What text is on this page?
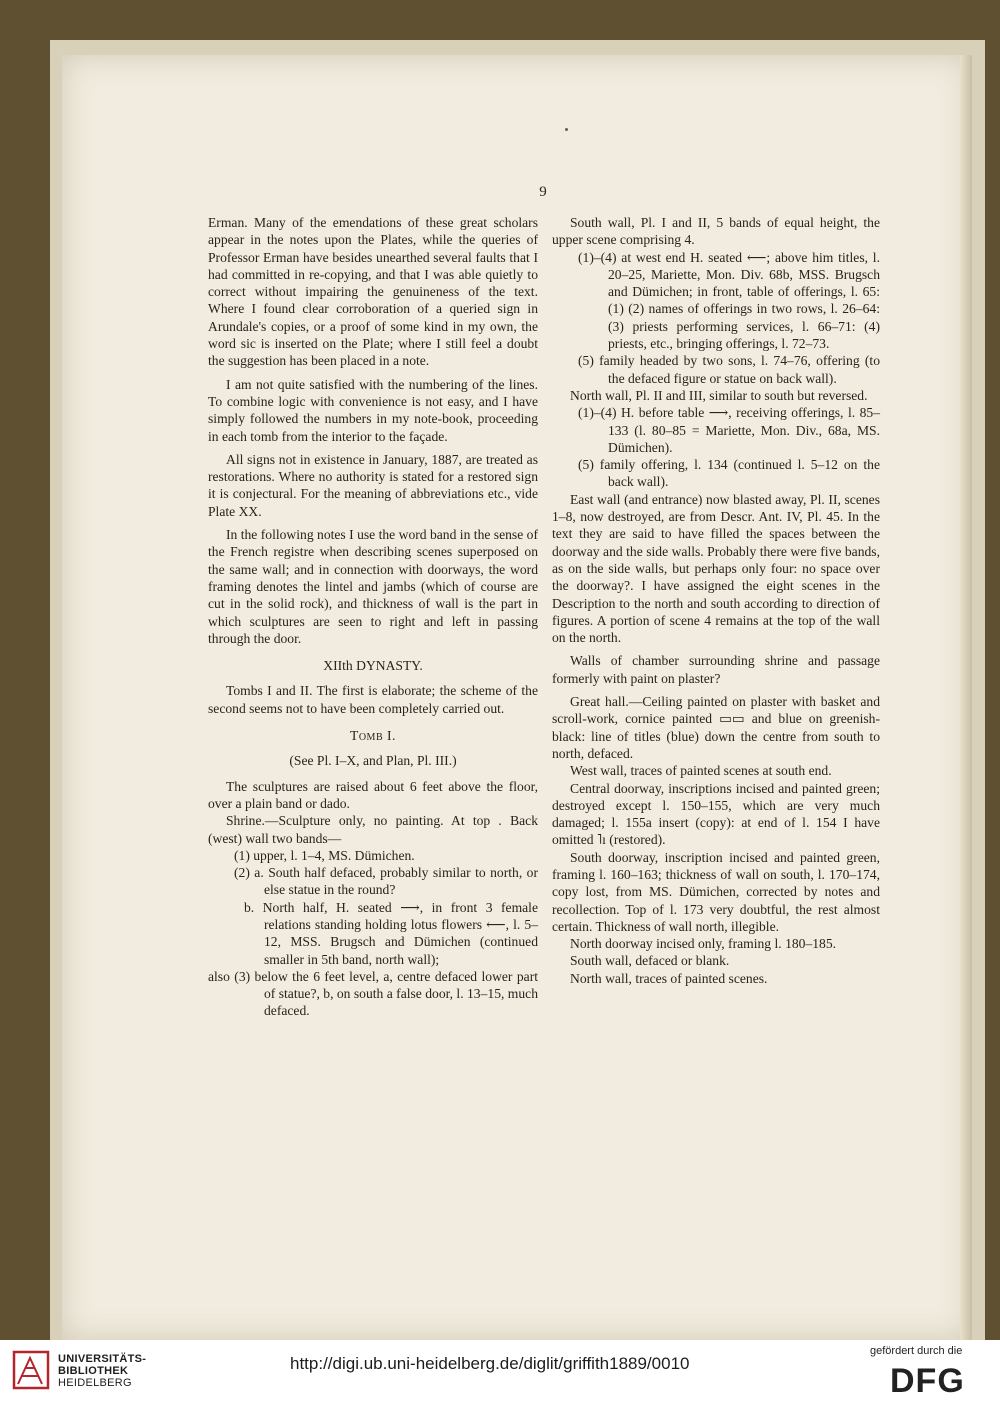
9

Erman. Many of the emendations of these great scholars appear in the notes upon the Plates, while the queries of Professor Erman have besides unearthed several faults that I had committed in re-copying, and that I was able quietly to correct without impairing the genuineness of the text. Where I found clear corroboration of a queried sign in Arundale's copies, or a proof of some kind in my own, the word sic is inserted on the Plate; where I still feel a doubt the suggestion has been placed in a note.

I am not quite satisfied with the numbering of the lines. To combine logic with convenience is not easy, and I have simply followed the numbers in my note-book, proceeding in each tomb from the interior to the façade.

All signs not in existence in January, 1887, are treated as restorations. Where no authority is stated for a restored sign it is conjectural. For the meaning of abbreviations etc., vide Plate XX.

In the following notes I use the word band in the sense of the French registre when describing scenes superposed on the same wall; and in connection with doorways, the word framing denotes the lintel and jambs (which of course are cut in the solid rock), and thickness of wall is the part in which sculptures are seen to right and left in passing through the door.

XIIth DYNASTY.

Tombs I and II. The first is elaborate; the scheme of the second seems not to have been completely carried out.

Tomb I.

(See Pl. I–X, and Plan, Pl. III.)

The sculptures are raised about 6 feet above the floor, over a plain band or dado.

Shrine.—Sculpture only, no painting. At top . Back (west) wall two bands—

(1) upper, l. 1–4, MS. Dümichen.

(2) a. South half defaced, probably similar to north, or else statue in the round?

b. North half, H. seated ⟶, in front 3 female relations standing holding lotus flowers ⟵, l. 5–12, MSS. Brugsch and Dümichen (continued smaller in 5th band, north wall);

also (3) below the 6 feet level, a, centre defaced lower part of statue?, b, on south a false door, l. 13–15, much defaced.

South wall, Pl. I and II, 5 bands of equal height, the upper scene comprising 4.

(1)–(4) at west end H. seated ⟵; above him titles, l. 20–25, Mariette, Mon. Div. 68b, MSS. Brugsch and Dümichen; in front, table of offerings, l. 65: (1) (2) names of offerings in two rows, l. 26–64: (3) priests performing services, l. 66–71: (4) priests, etc., bringing offerings, l. 72–73.

(5) family headed by two sons, l. 74–76, offering (to the defaced figure or statue on back wall).

North wall, Pl. II and III, similar to south but reversed.

(1)–(4) H. before table ⟶, receiving offerings, l. 85–133 (l. 80–85 = Mariette, Mon. Div., 68a, MS. Dümichen).

(5) family offering, l. 134 (continued l. 5–12 on the back wall).

East wall (and entrance) now blasted away, Pl. II, scenes 1–8, now destroyed, are from Descr. Ant. IV, Pl. 45. In the text they are said to have filled the spaces between the doorway and the side walls. Probably there were five bands, as on the side walls, but perhaps only four: no space over the doorway?. I have assigned the eight scenes in the Description to the north and south according to direction of figures. A portion of scene 4 remains at the top of the wall on the north.

Walls of chamber surrounding shrine and passage formerly with paint on plaster?

Great hall.—Ceiling painted on plaster with basket and scroll-work, cornice painted ▭▭ and blue on greenish-black: line of titles (blue) down the centre from south to north, defaced.

West wall, traces of painted scenes at south end.

Central doorway, inscriptions incised and painted green; destroyed except l. 150–155, which are very much damaged; l. 155a insert (copy): at end of l. 154 I have omitted ˥ı (restored).

South doorway, inscription incised and painted green, framing l. 160–163; thickness of wall on south, l. 170–174, copy lost, from MS. Dümichen, corrected by notes and recollection. Top of l. 173 very doubtful, the rest almost certain. Thickness of wall north, illegible.

North doorway incised only, framing l. 180–185.

South wall, defaced or blank.

North wall, traces of painted scenes.

UNIVERSITÄTS-
BIBLIOTHEK
HEIDELBERG
http://digi.ub.uni-heidelberg.de/diglit/griffith1889/0010
gefördert durch die
DFG
